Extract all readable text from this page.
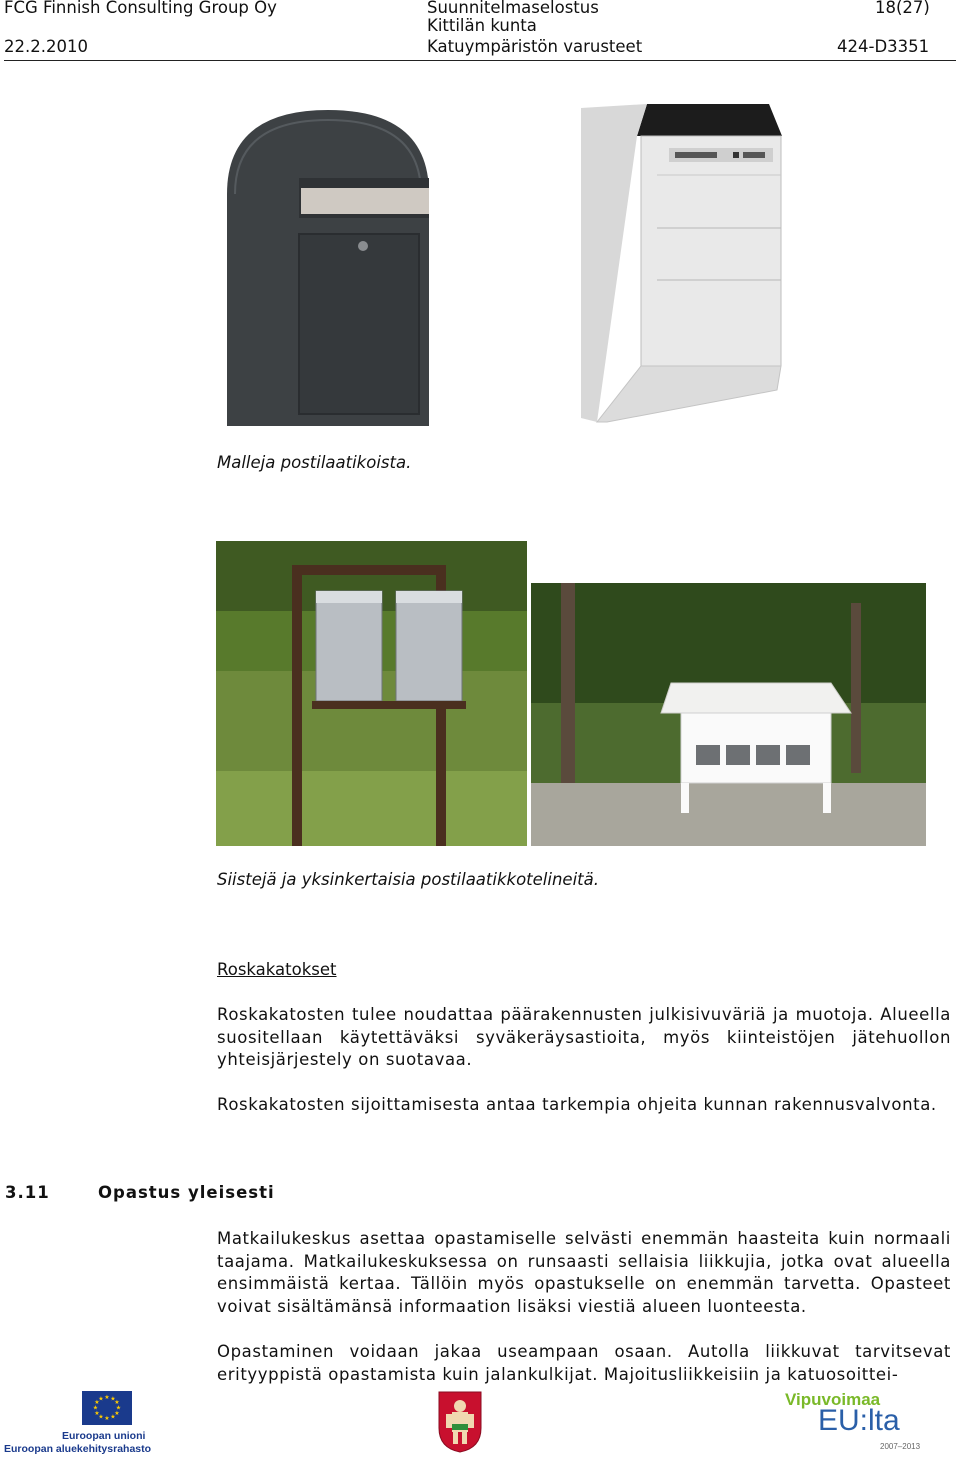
FCG Finnish Consulting Group Oy	Suunnitelmaselostus
Kittilän kunta
18(27)
22.2.2010	Katuympäristön varusteet	424-D3351
Malleja postilaatikoista.
Siistejä ja yksinkertaisia postilaatikkotelineitä.
Roskakatokset

Roskakatosten tulee noudattaa päärakennusten julkisivuväriä ja muotoja. Alueella suositellaan käytettäväksi syväkeräysastioita, myös kiinteistöjen jätehuollon yhteisjärjestely on suotavaa.

Roskakatosten sijoittamisesta antaa tarkempia ohjeita kunnan rakennusvalvonta.

3.11	Opastus yleisesti

Matkailukeskus asettaa opastamiselle selvästi enemmän haasteita kuin normaali taajama. Matkailukeskuksessa on runsaasti sellaisia liikkujia, jotka ovat alueella ensimmäistä kertaa. Tällöin myös opastukselle on enemmän tarvetta. Opasteet voivat sisältämänsä informaation lisäksi viestiä alueen luonteesta.

Opastaminen voidaan jakaa useampaan osaan. Autolla liikkuvat tarvitsevat erityyppistä opastamista kuin jalankulkijat. Majoitusliikkeisiin ja katuosoittei-

★ ★
★
★
★
★
★
★
★
★
★
★
Euroopan unioni
Euroopan aluekehitysrahasto
Vipuvoimaa
EU:lta
2007–2013
